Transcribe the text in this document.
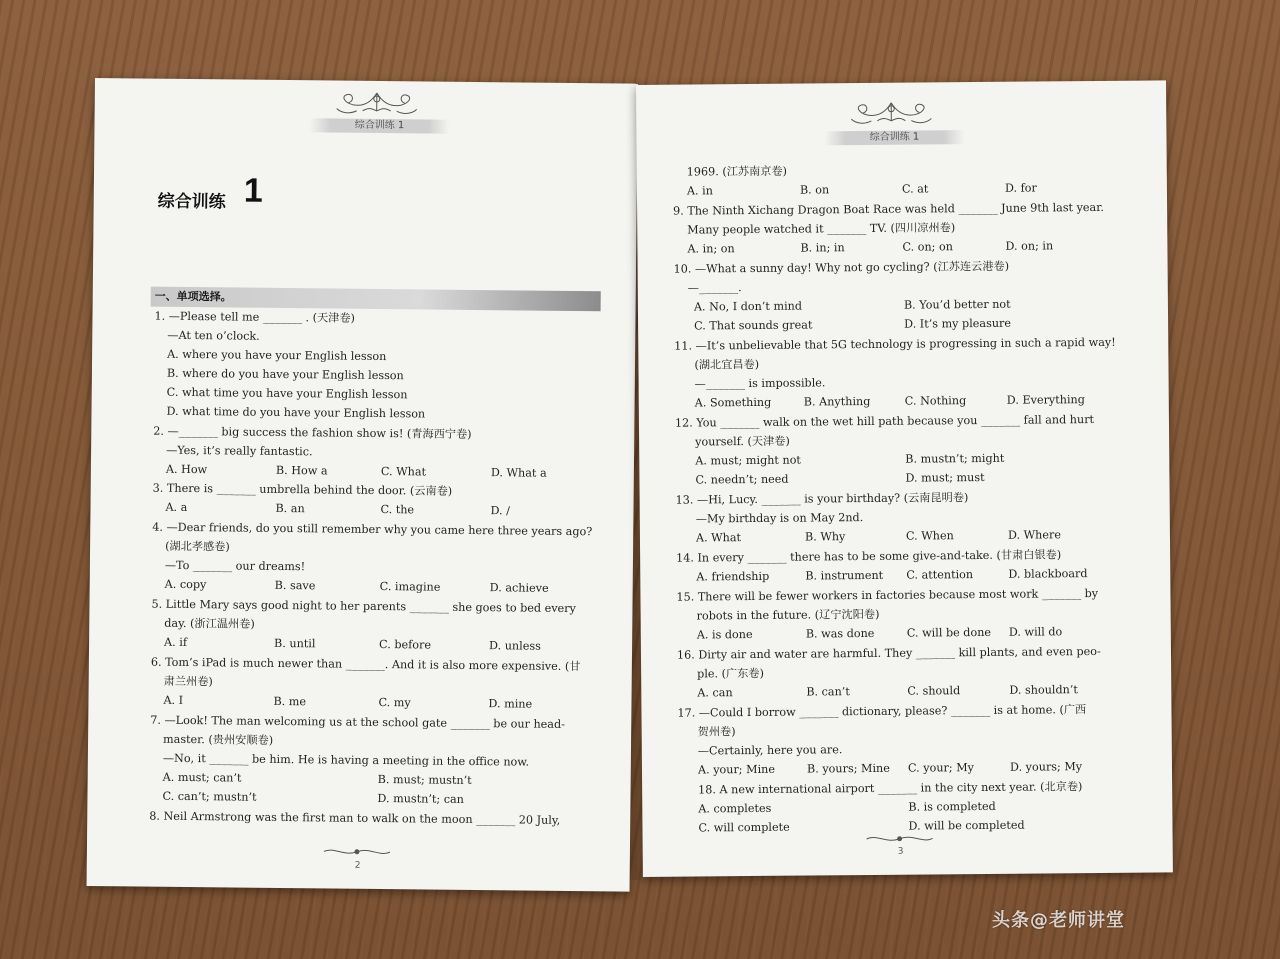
综合训练 1
综合训练 1
一、单项选择。
1. —Please tell me _______ . (天津卷)
—At ten o’clock.
A. where you have your English lesson
B. where do you have your English lesson
C. what time you have your English lesson
D. what time do you have your English lesson
2. —_______ big success the fashion show is! (青海西宁卷)
—Yes, it’s really fantastic.
A. How	B. How a	C. What	D. What a
3. There is _______ umbrella behind the door. (云南卷)
A. a	B. an	C. the	D. /
4. —Dear friends, do you still remember why you came here three years ago?
(湖北孝感卷)
—To _______ our dreams!
A. copy	B. save	C. imagine	D. achieve
5. Little Mary says good night to her parents _______ she goes to bed every
day. (浙江温州卷)
A. if	B. until	C. before	D. unless
6. Tom’s iPad is much newer than _______. And it is also more expensive. (甘
肃兰州卷)
A. I	B. me	C. my	D. mine
7. —Look! The man welcoming us at the school gate _______ be our head-
master. (贵州安顺卷)
—No, it _______ be him. He is having a meeting in the office now.
A. must; can’t	B. must; mustn’t
C. can’t; mustn’t	D. mustn’t; can
8. Neil Armstrong was the first man to walk on the moon _______ 20 July,
2
综合训练 1
1969. (江苏南京卷)
A. in	B. on	C. at	D. for
9. The Ninth Xichang Dragon Boat Race was held _______ June 9th last year.
Many people watched it _______ TV. (四川凉州卷)
A. in; on	B. in; in	C. on; on	D. on; in
10. —What a sunny day! Why not go cycling? (江苏连云港卷)
—_______.
A. No, I don’t mind	B. You’d better not
C. That sounds great	D. It’s my pleasure
11. —It’s unbelievable that 5G technology is progressing in such a rapid way!
(湖北宜昌卷)
—_______ is impossible.
A. Something	B. Anything	C. Nothing	D. Everything
12. You _______ walk on the wet hill path because you _______ fall and hurt
yourself. (天津卷)
A. must; might not	B. mustn’t; might
C. needn’t; need	D. must; must
13. —Hi, Lucy. _______ is your birthday? (云南昆明卷)
—My birthday is on May 2nd.
A. What	B. Why	C. When	D. Where
14. In every _______ there has to be some give-and-take. (甘肃白银卷)
A. friendship	B. instrument C. attention	D. blackboard
15. There will be fewer workers in factories because most work _______ by
robots in the future. (辽宁沈阳卷)
A. is done	B. was done	C. will be done D. will do
16. Dirty air and water are harmful. They _______ kill plants, and even peo-
ple. (广东卷)
A. can	B. can’t	C. should	D. shouldn’t
17. —Could I borrow _______ dictionary, please? _______ is at home. (广西
贺州卷)
—Certainly, here you are.
A. your; Mine	B. yours; Mine C. your; My	D. yours; My
18. A new international airport _______ in the city next year. (北京卷)
A. completes	B. is completed
C. will complete	D. will be completed
3
头条@老师讲堂
